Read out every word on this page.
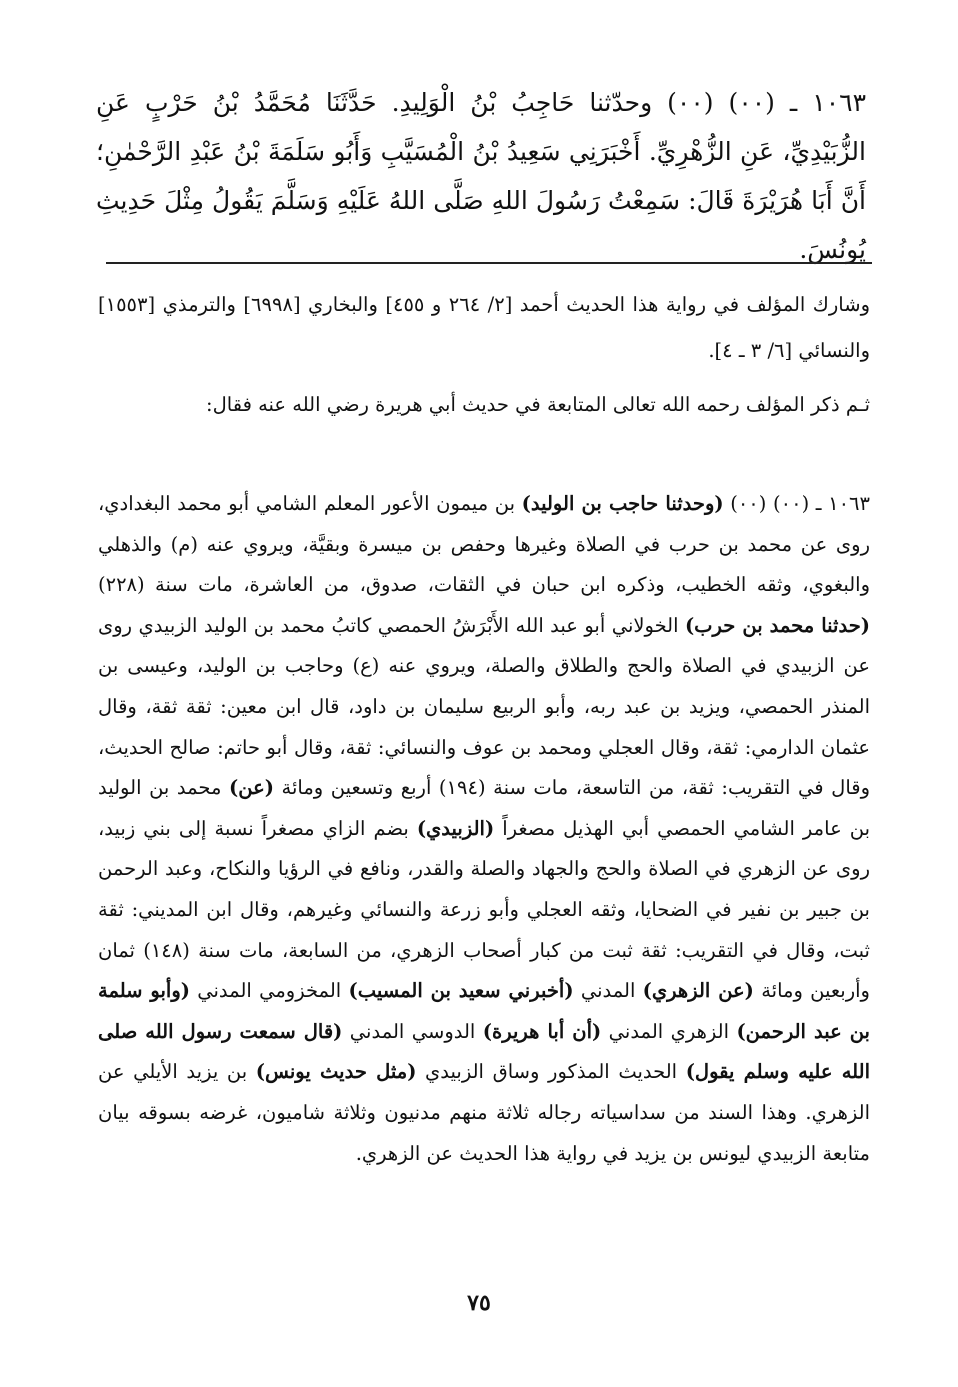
١٠٦٣ ـ (٠٠) (٠٠) وحدّثنا حَاجِبُ بْنُ الْوَلِيدِ. حَدَّثَنَا مُحَمَّدُ بْنُ حَرْبٍ عَنِ الزُّبَيْدِيِّ، عَنِ الزُّهْرِيِّ. أَخْبَرَنِي سَعِيدُ بْنُ الْمُسَيَّبِ وَأَبُو سَلَمَةَ بْنُ عَبْدِ الرَّحْمٰنِ؛ أَنَّ أَبَا هُرَيْرَةَ قَالَ: سَمِعْتُ رَسُولَ اللهِ صَلَّى اللهُ عَلَيْهِ وَسَلَّمَ يَقُولُ مِثْلَ حَدِيثِ يُونُسَ.

وشارك المؤلف في رواية هذا الحديث أحمد [٢/ ٢٦٤ و ٤٥٥] والبخاري [٦٩٩٨] والترمذي [١٥٥٣] والنسائي [٦/ ٣ ـ ٤].

ثـم ذكر المؤلف رحمه الله تعالى المتابعة في حديث أبي هريرة رضي الله عنه فقال:

١٠٦٣ ـ (٠٠) (٠٠) (وحدثنا حاجب بن الوليد) بن ميمون الأعور المعلم الشامي أبو محمد البغدادي، روى عن محمد بن حرب في الصلاة وغيرها وحفص بن ميسرة وبقيَّة، ويروي عنه (م) والذهلي والبغوي، وثقه الخطيب، وذكره ابن حبان في الثقات، صدوق، من العاشرة، مات سنة (٢٢٨) (حدثنا محمد بن حرب) الخولاني أبو عبد الله الأَبْرَشُ الحمصي كاتبُ محمد بن الوليد الزبيدي روى عن الزبيدي في الصلاة والحج والطلاق والصلة، ويروي عنه (ع) وحاجب بن الوليد، وعيسى بن المنذر الحمصي، ويزيد بن عبد ربه، وأبو الربيع سليمان بن داود، قال ابن معين: ثقة ثقة، وقال عثمان الدارمي: ثقة، وقال العجلي ومحمد بن عوف والنسائي: ثقة، وقال أبو حاتم: صالح الحديث، وقال في التقريب: ثقة، من التاسعة، مات سنة (١٩٤) أربع وتسعين ومائة (عن) محمد بن الوليد بن عامر الشامي الحمصي أبي الهذيل مصغراً (الزبيدي) بضم الزاي مصغراً نسبة إلى بني زبيد، روى عن الزهري في الصلاة والحج والجهاد والصلة والقدر، ونافع في الرؤيا والنكاح، وعبد الرحمن بن جبير بن نفير في الضحايا، وثقه العجلي وأبو زرعة والنسائي وغيرهم، وقال ابن المديني: ثقة ثبت، وقال في التقريب: ثقة ثبت من كبار أصحاب الزهري، من السابعة، مات سنة (١٤٨) ثمان وأربعين ومائة (عن الزهري) المدني (أخبرني سعيد بن المسيب) المخزومي المدني (وأبو سلمة بن عبد الرحمن) الزهري المدني (أن أبا هريرة) الدوسي المدني (قال سمعت رسول الله صلى الله عليه وسلم يقول) الحديث المذكور وساق الزبيدي (مثل حديث يونس) بن يزيد الأيلي عن الزهري. وهذا السند من سداسياته رجاله ثلاثة منهم مدنيون وثلاثة شاميون، غرضه بسوقه بيان متابعة الزبيدي ليونس بن يزيد في رواية هذا الحديث عن الزهري.

٧٥
